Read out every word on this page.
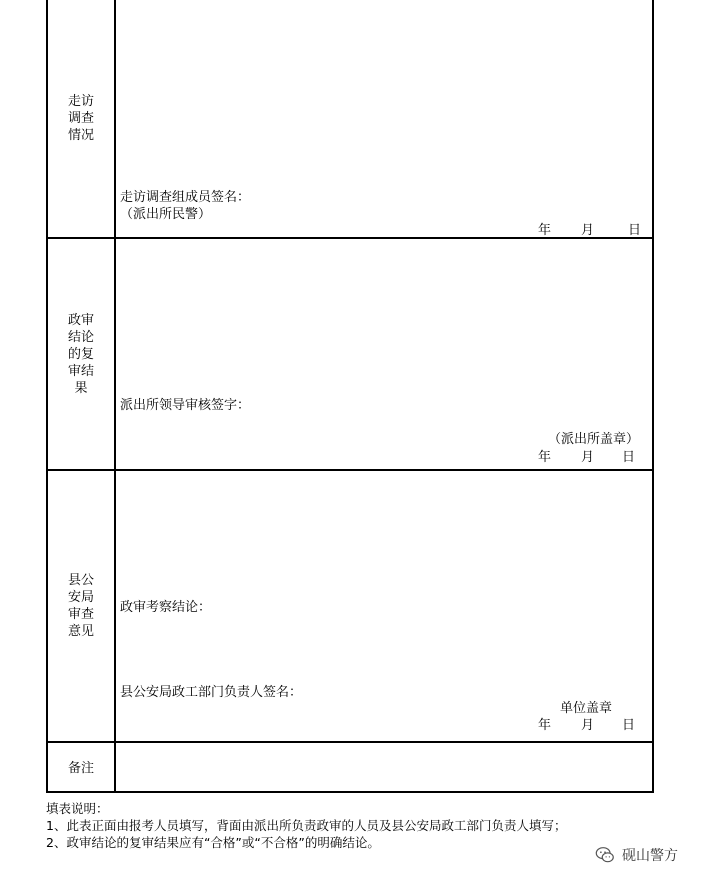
走访调查情况
走访调查组成员签名：
（派出所民警）
年 月	日
政审结论的复审结果
派出所领导审核签字：
（派出所盖章）
年 月 日
县公安局审查意见
政审考察结论：
县公安局政工部门负责人签名：
单位盖章
年 月 日
备注
填表说明：
1、此表正面由报考人员填写，背面由派出所负责政审的人员及县公安局政工部门负责人填写；
2、政审结论的复审结果应有“合格”或“不合格”的明确结论。
砚山警方
